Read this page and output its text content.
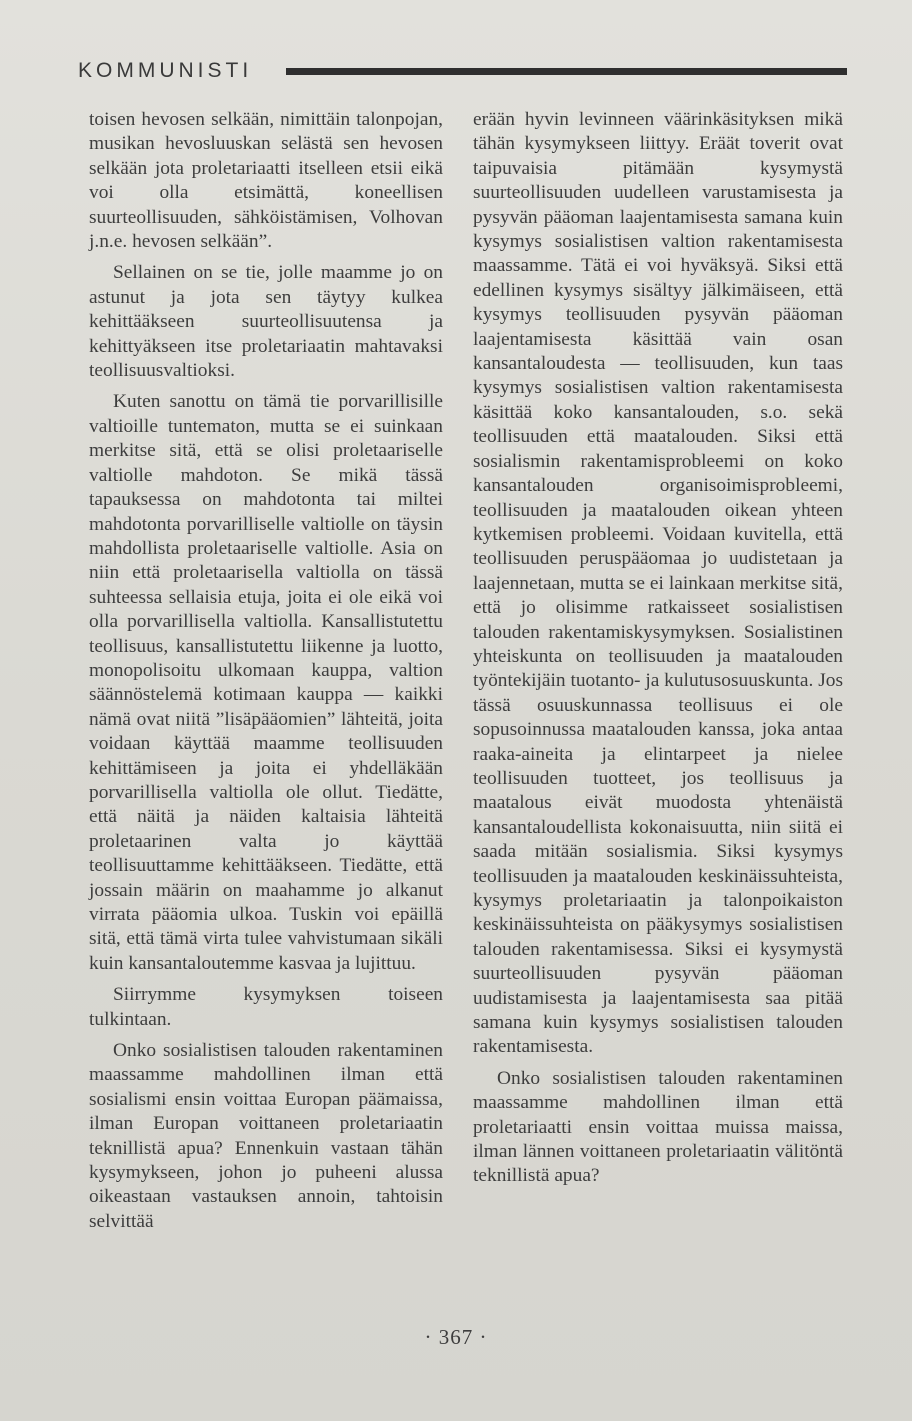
KOMMUNISTI

toisen hevosen selkään, nimittäin talonpojan, musikan hevosluuskan selästä sen hevosen selkään jota proletariaatti itselleen etsii eikä voi olla etsimättä, koneellisen suurteollisuuden, sähköistämisen, Volhovan j.n.e. hevosen selkään”.

Sellainen on se tie, jolle maamme jo on astunut ja jota sen täytyy kulkea kehittääkseen suurteollisuutensa ja kehittyäkseen itse proletariaatin mahtavaksi teollisuusvaltioksi.

Kuten sanottu on tämä tie porvarillisille valtioille tuntematon, mutta se ei suinkaan merkitse sitä, että se olisi proletaariselle valtiolle mahdoton. Se mikä tässä tapauksessa on mahdotonta tai miltei mahdotonta porvarilliselle valtiolle on täysin mahdollista proletaariselle valtiolle. Asia on niin että proletaarisella valtiolla on tässä suhteessa sellaisia etuja, joita ei ole eikä voi olla porvarillisella valtiolla. Kansallistutettu teollisuus, kansallistutettu liikenne ja luotto, monopolisoitu ulkomaan kauppa, valtion säännöstelemä kotimaan kauppa — kaikki nämä ovat niitä ”lisäpääomien” lähteitä, joita voidaan käyttää maamme teollisuuden kehittämiseen ja joita ei yhdelläkään porvarillisella valtiolla ole ollut. Tiedätte, että näitä ja näiden kaltaisia lähteitä proletaarinen valta jo käyttää teollisuuttamme kehittääkseen. Tiedätte, että jossain määrin on maahamme jo alkanut virrata pääomia ulkoa. Tuskin voi epäillä sitä, että tämä virta tulee vahvistumaan sikäli kuin kansantaloutemme kasvaa ja lujittuu.

Siirrymme kysymyksen toiseen tulkintaan.

Onko sosialistisen talouden rakentaminen maassamme mahdollinen ilman että sosialismi ensin voittaa Europan päämaissa, ilman Europan voittaneen proletariaatin teknillistä apua? Ennenkuin vastaan tähän kysymykseen, johon jo puheeni alussa oikeastaan vastauksen annoin, tahtoisin selvittää

erään hyvin levinneen väärinkäsityksen mikä tähän kysymykseen liittyy. Eräät toverit ovat taipuvaisia pitämään kysymystä suurteollisuuden uudelleen varustamisesta ja pysyvän pääoman laajentamisesta samana kuin kysymys sosialistisen valtion rakentamisesta maassamme. Tätä ei voi hyväksyä. Siksi että edellinen kysymys sisältyy jälkimäiseen, että kysymys teollisuuden pysyvän pääoman laajentamisesta käsittää vain osan kansantaloudesta — teollisuuden, kun taas kysymys sosialistisen valtion rakentamisesta käsittää koko kansantalouden, s.o. sekä teollisuuden että maatalouden. Siksi että sosialismin rakentamisprobleemi on koko kansantalouden organisoimisprobleemi, teollisuuden ja maatalouden oikean yhteen kytkemisen probleemi. Voidaan kuvitella, että teollisuuden peruspääomaa jo uudistetaan ja laajennetaan, mutta se ei lainkaan merkitse sitä, että jo olisimme ratkaisseet sosialistisen talouden rakentamiskysymyksen. Sosialistinen yhteiskunta on teollisuuden ja maatalouden työntekijäin tuotanto- ja kulutusosuuskunta. Jos tässä osuuskunnassa teollisuus ei ole sopusoinnussa maatalouden kanssa, joka antaa raaka-aineita ja elintarpeet ja nielee teollisuuden tuotteet, jos teollisuus ja maatalous eivät muodosta yhtenäistä kansantaloudellista kokonaisuutta, niin siitä ei saada mitään sosialismia. Siksi kysymys teollisuuden ja maatalouden keskinäissuhteista, kysymys proletariaatin ja talonpoikaiston keskinäissuhteista on pääkysymys sosialistisen talouden rakentamisessa. Siksi ei kysymystä suurteollisuuden pysyvän pääoman uudistamisesta ja laajentamisesta saa pitää samana kuin kysymys sosialistisen talouden rakentamisesta.

Onko sosialistisen talouden rakentaminen maassamme mahdollinen ilman että proletariaatti ensin voittaa muissa maissa, ilman lännen voittaneen proletariaatin välitöntä teknillistä apua?

· 367 ·
